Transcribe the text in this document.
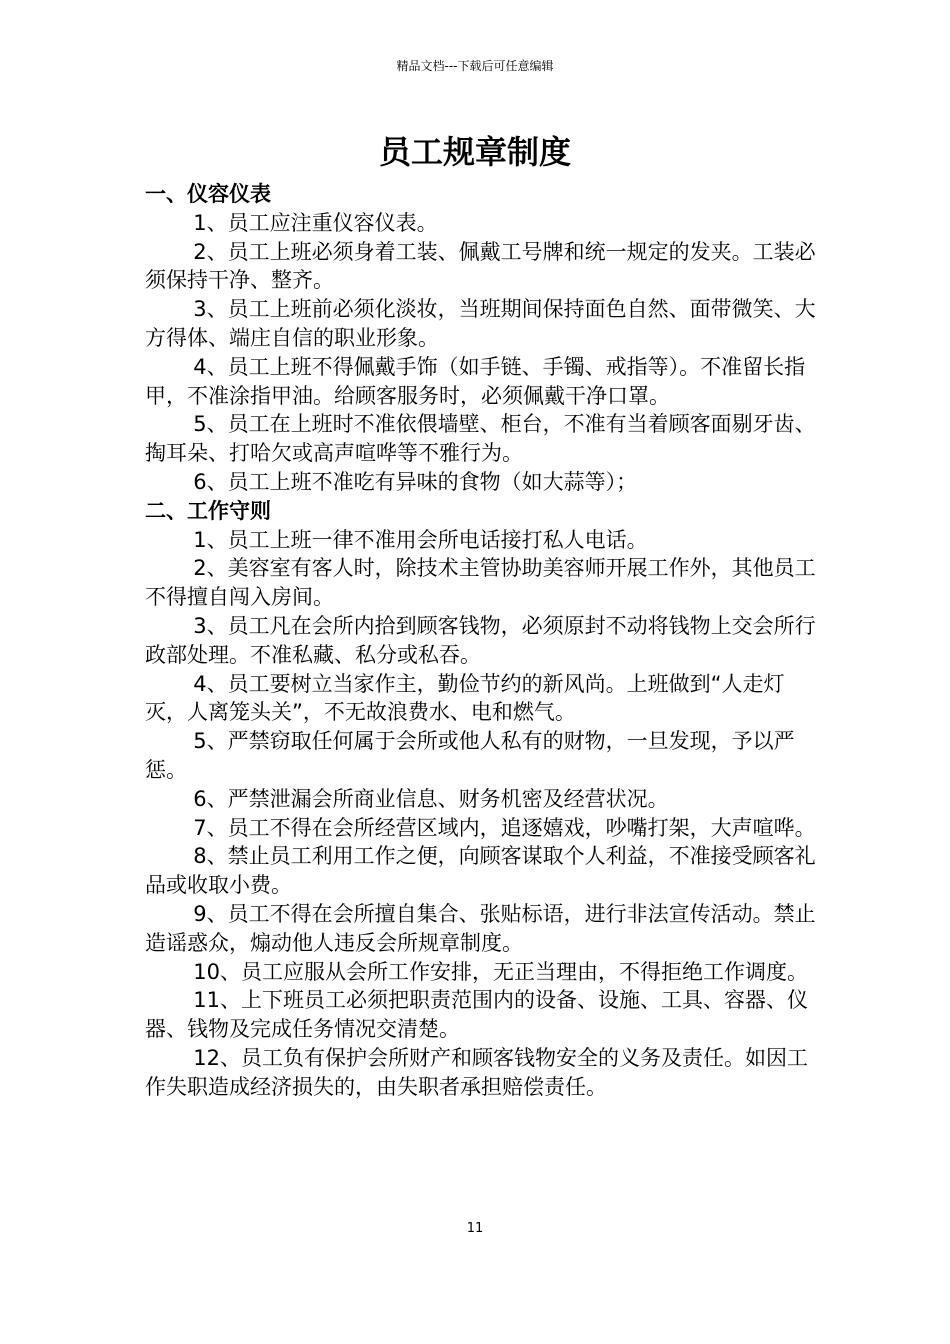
精品文档---下载后可任意编辑
员工规章制度

一、仪容仪表

1、员工应注重仪容仪表。

2、员工上班必须身着工装、佩戴工号牌和统一规定的发夹。工装必须保持干净、整齐。

3、员工上班前必须化淡妆，当班期间保持面色自然、面带微笑、大方得体、端庄自信的职业形象。

4、员工上班不得佩戴手饰（如手链、手镯、戒指等）。不准留长指甲，不准涂指甲油。给顾客服务时，必须佩戴干净口罩。

5、员工在上班时不准依偎墙壁、柜台，不准有当着顾客面剔牙齿、掏耳朵、打哈欠或高声喧哗等不雅行为。

6、员工上班不准吃有异味的食物（如大蒜等）；

二、工作守则

1、员工上班一律不准用会所电话接打私人电话。

2、美容室有客人时，除技术主管协助美容师开展工作外，其他员工不得擅自闯入房间。

3、员工凡在会所内拾到顾客钱物，必须原封不动将钱物上交会所行政部处理。不准私藏、私分或私吞。

4、员工要树立当家作主，勤俭节约的新风尚。上班做到“人走灯灭，人离笼头关”，不无故浪费水、电和燃气。

5、严禁窃取任何属于会所或他人私有的财物，一旦发现，予以严惩。

6、严禁泄漏会所商业信息、财务机密及经营状况。

7、员工不得在会所经营区域内，追逐嬉戏，吵嘴打架，大声喧哗。

8、禁止员工利用工作之便，向顾客谋取个人利益，不准接受顾客礼品或收取小费。

9、员工不得在会所擅自集合、张贴标语，进行非法宣传活动。禁止造谣惑众，煽动他人违反会所规章制度。

10、员工应服从会所工作安排，无正当理由，不得拒绝工作调度。

11、上下班员工必须把职责范围内的设备、设施、工具、容器、仪器、钱物及完成任务情况交清楚。

12、员工负有保护会所财产和顾客钱物安全的义务及责任。如因工作失职造成经济损失的，由失职者承担赔偿责任。

11
